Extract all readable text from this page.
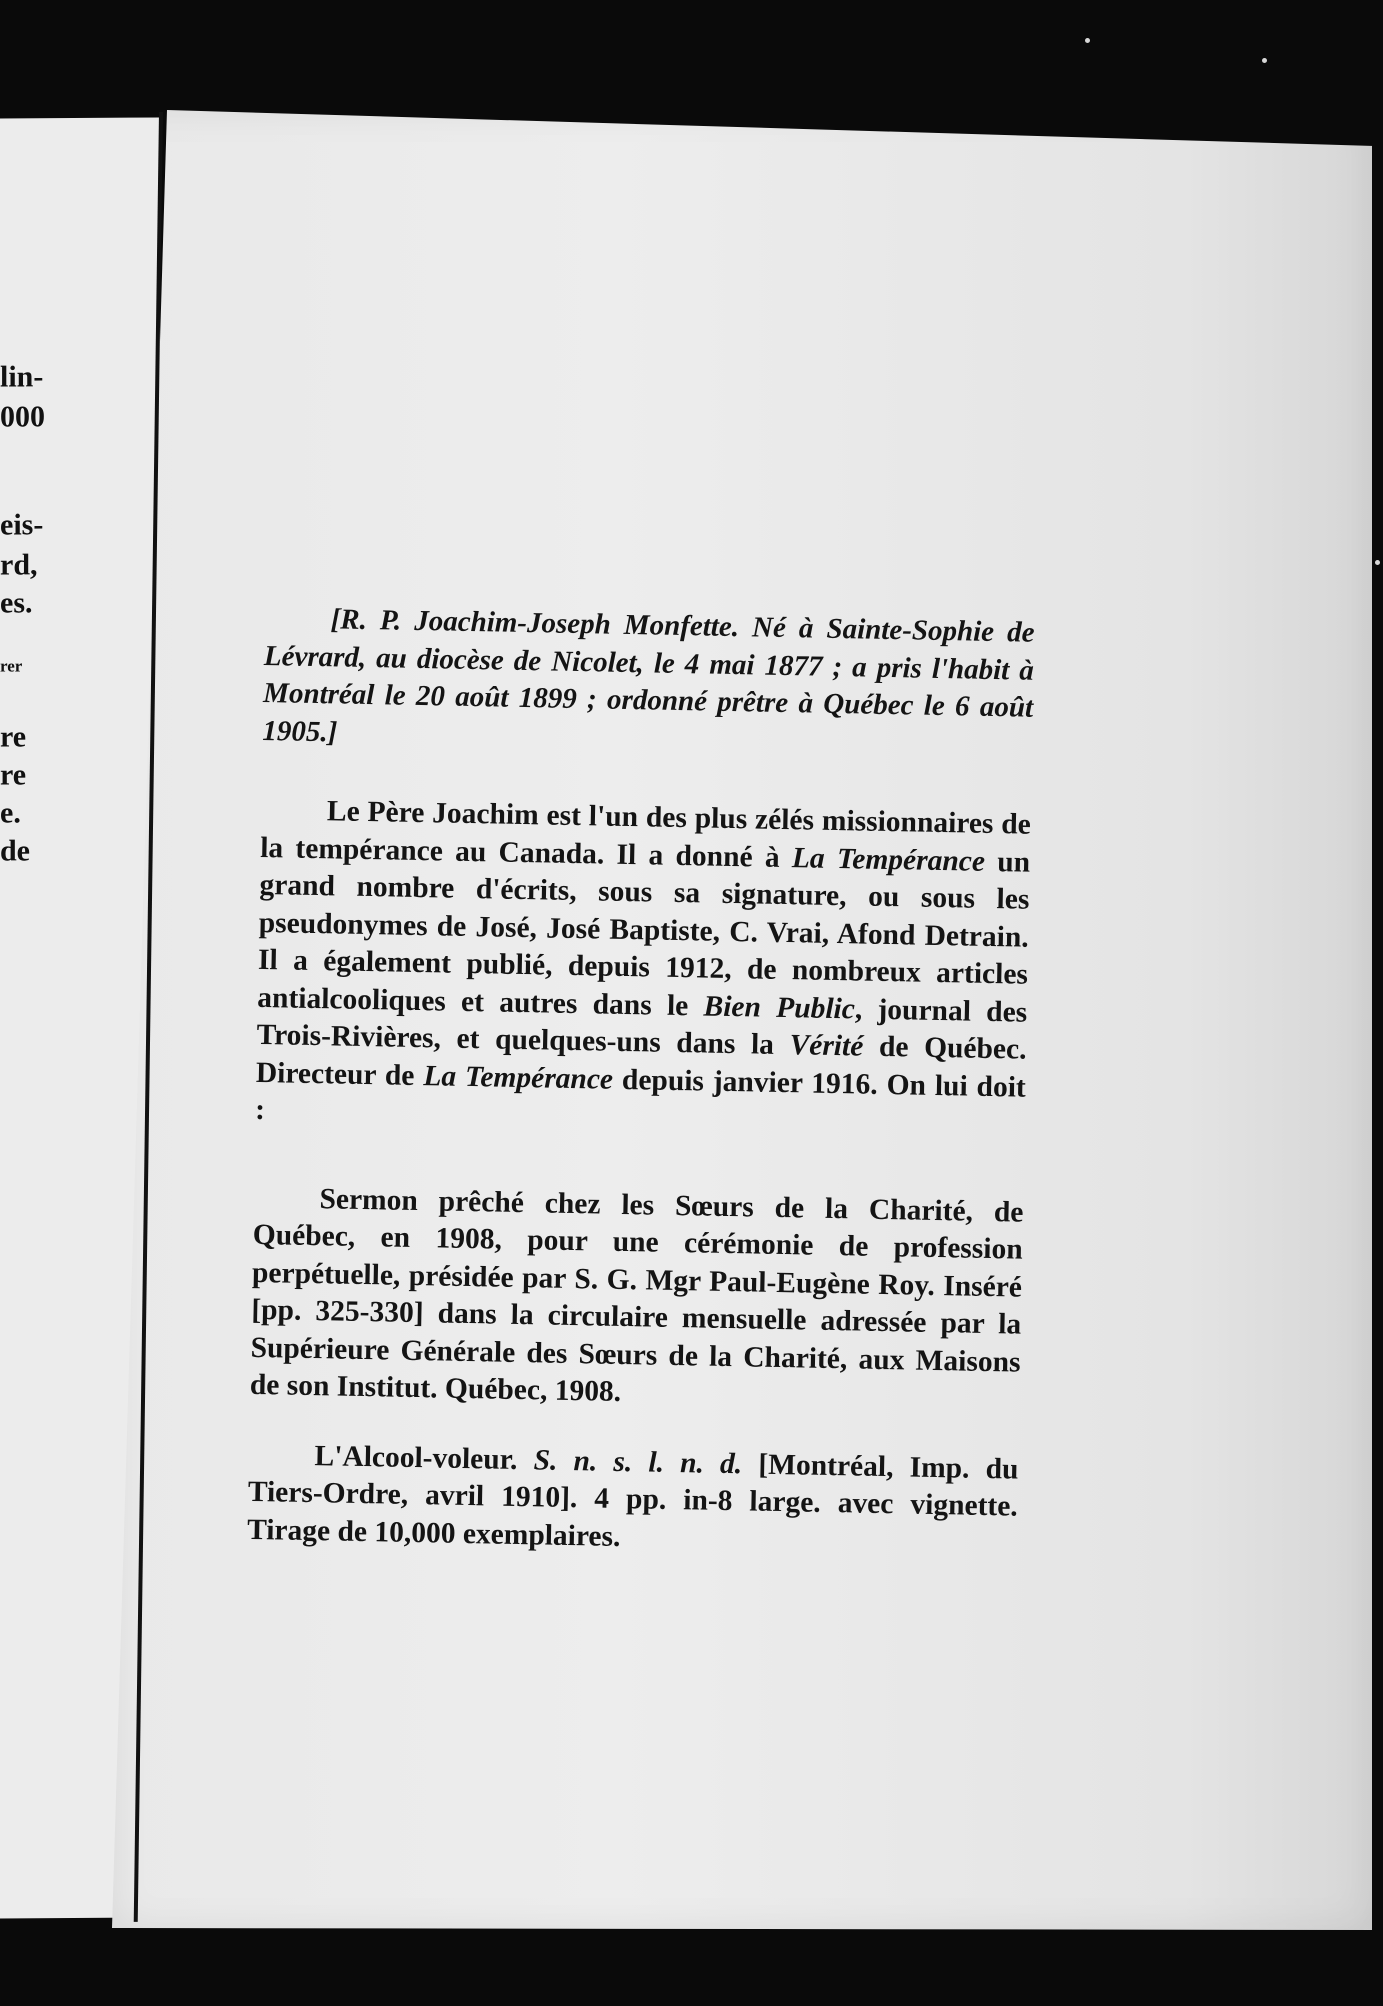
lin-
000
eis-
rd,
es.
rer
re
re
e.
de

[R. P. Joachim-Joseph Monfette. Né à Sainte-Sophie de Lévrard, au diocèse de Nicolet, le 4 mai 1877 ; a pris l'habit à Montréal le 20 août 1899 ; ordonné prêtre à Québec le 6 août 1905.]

Le Père Joachim est l'un des plus zélés missionnaires de la tempérance au Canada. Il a donné à La Tempérance un grand nombre d'écrits, sous sa signature, ou sous les pseudonymes de José, José Baptiste, C. Vrai, Afond Detrain. Il a également publié, depuis 1912, de nombreux articles antialcooliques et autres dans le Bien Public, journal des Trois-Rivières, et quelques-uns dans la Vérité de Québec. Directeur de La Tempérance depuis janvier 1916. On lui doit :

Sermon prêché chez les Sœurs de la Charité, de Québec, en 1908, pour une cérémonie de profession perpétuelle, présidée par S. G. Mgr Paul-Eugène Roy. Inséré [pp. 325-330] dans la circulaire mensuelle adressée par la Supérieure Générale des Sœurs de la Charité, aux Maisons de son Institut. Québec, 1908.

L'Alcool-voleur. S. n. s. l. n. d. [Montréal, Imp. du Tiers-Ordre, avril 1910]. 4 pp. in-8 large. avec vignette. Tirage de 10,000 exemplaires.
